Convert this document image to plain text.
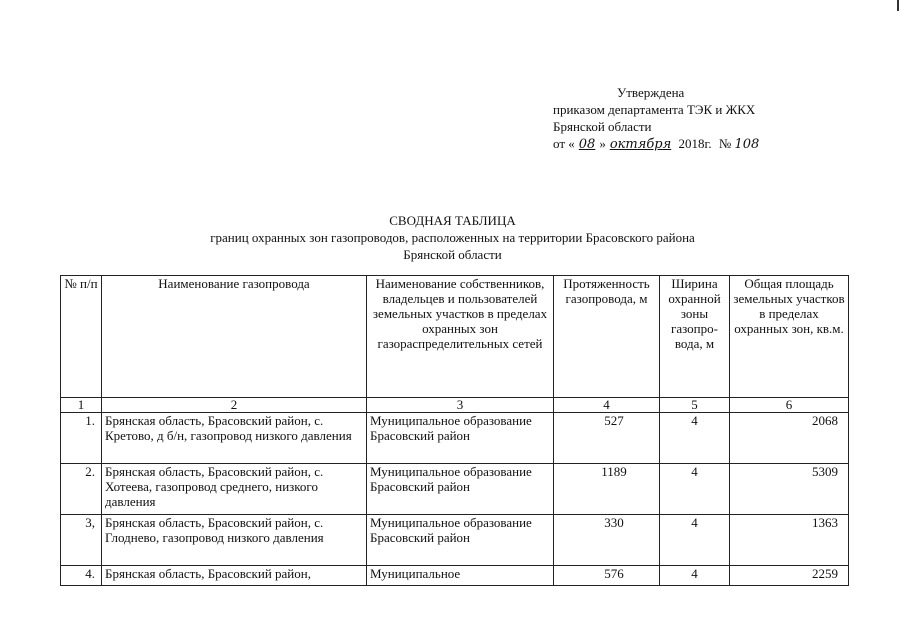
Утверждена
приказом департамента ТЭК и ЖКХ
Брянской области
от « 08 » октября 2018г. № 108
СВОДНАЯ ТАБЛИЦА
границ охранных зон газопроводов, расположенных на территории Брасовского района
Брянской области
№ п/п	Наименование газопровода	Наименование собственников, владельцев и пользователей земельных участков в пределах охранных зон газораспределительных сетей	Протяженность газопровода, м	Ширина охранной зоны газопро-вода, м	Общая площадь земельных участков в пределах охранных зон, кв.м.
1	2	3	4	5	6
1.	Брянская область, Брасовский район, с. Кретово, д б/н, газопровод низкого давления	Муниципальное образование Брасовский район	527	4	2068
2.	Брянская область, Брасовский район, с. Хотеева, газопровод среднего, низкого давления	Муниципальное образование Брасовский район	1189	4	5309
3,	Брянская область, Брасовский район, с. Глоднево, газопровод низкого давления	Муниципальное образование Брасовский район	330	4	1363
4.	Брянская область, Брасовский район,	Муниципальное	576	4	2259
